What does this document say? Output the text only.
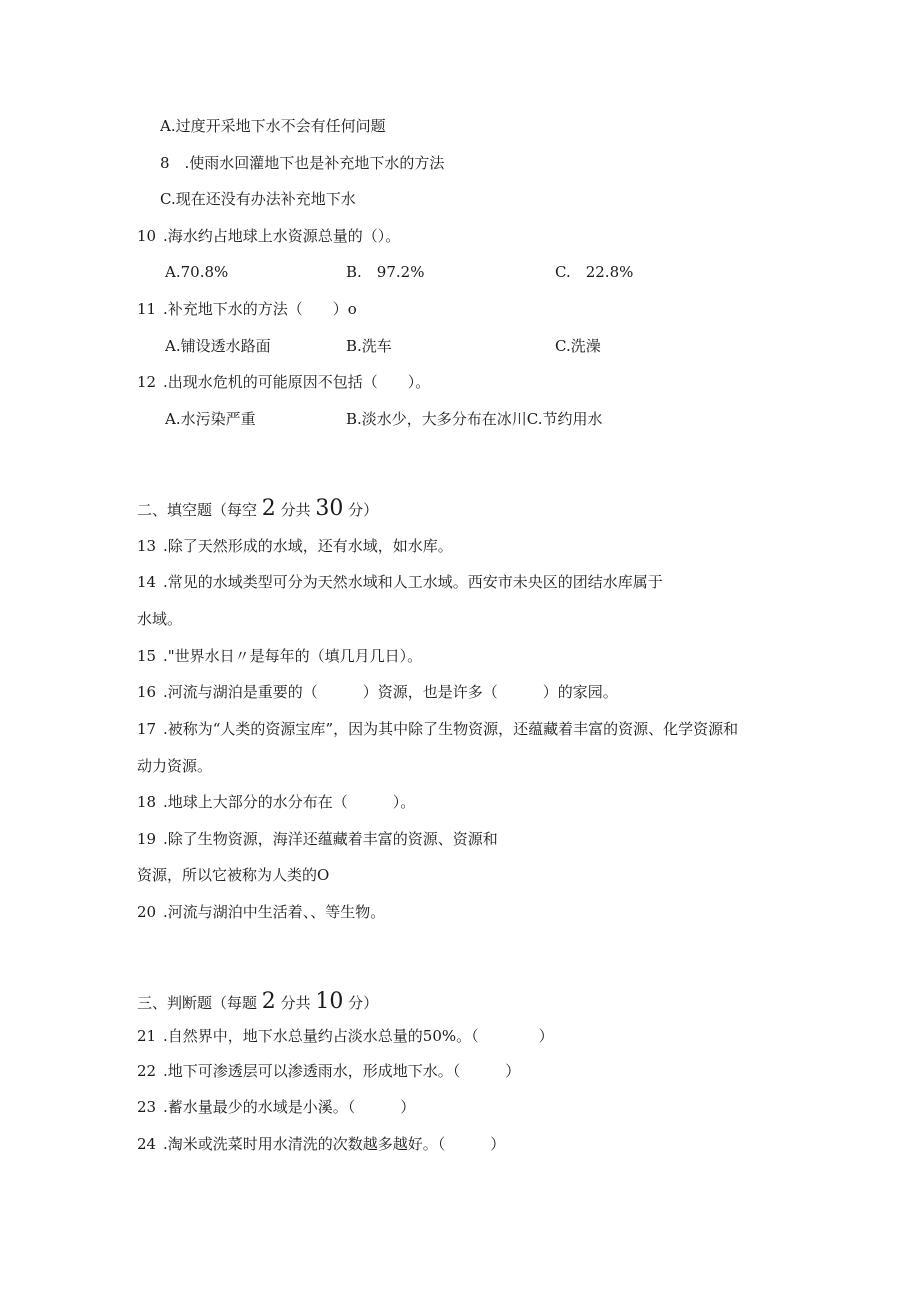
A.过度开采地下水不会有任何问题
8　.使雨水回灌地下也是补充地下水的方法
C.现在还没有办法补充地下水
10 .海水约占地球上水资源总量的（）。
A.70.8%	B.　97.2%	C.　22.8%
11 .补充地下水的方法（　　）o
A.铺设透水路面	B.洗车	C.洗澡
12 .出现水危机的可能原因不包括（　　）。
A.水污染严重	B.淡水少，大多分布在冰川C.节约用水
二、填空题（每空 2 分共 30 分）
13 .除了天然形成的水域，还有水域，如水库。
14 .常见的水域类型可分为天然水域和人工水域。西安市未央区的团结水库属于
水域。
15 ."世界水日〃是每年的（填几月几日）。
16 .河流与湖泊是重要的（　　　）资源，也是许多（　　　）的家园。
17 .被称为“人类的资源宝库”，因为其中除了生物资源，还蕴藏着丰富的资源、化学资源和
动力资源。
18 .地球上大部分的水分布在（　　　）。
19 .除了生物资源，海洋还蕴藏着丰富的资源、资源和
资源，所以它被称为人类的O
20 .河流与湖泊中生活着、、等生物。
三、判断题（每题 2 分共 10 分）
21 .自然界中，地下水总量约占淡水总量的50%。（　　　　）
22 .地下可渗透层可以渗透雨水，形成地下水。（　　　）
23 .蓄水量最少的水域是小溪。（　　　）
24 .淘米或洗菜时用水清洗的次数越多越好。（　　　）
